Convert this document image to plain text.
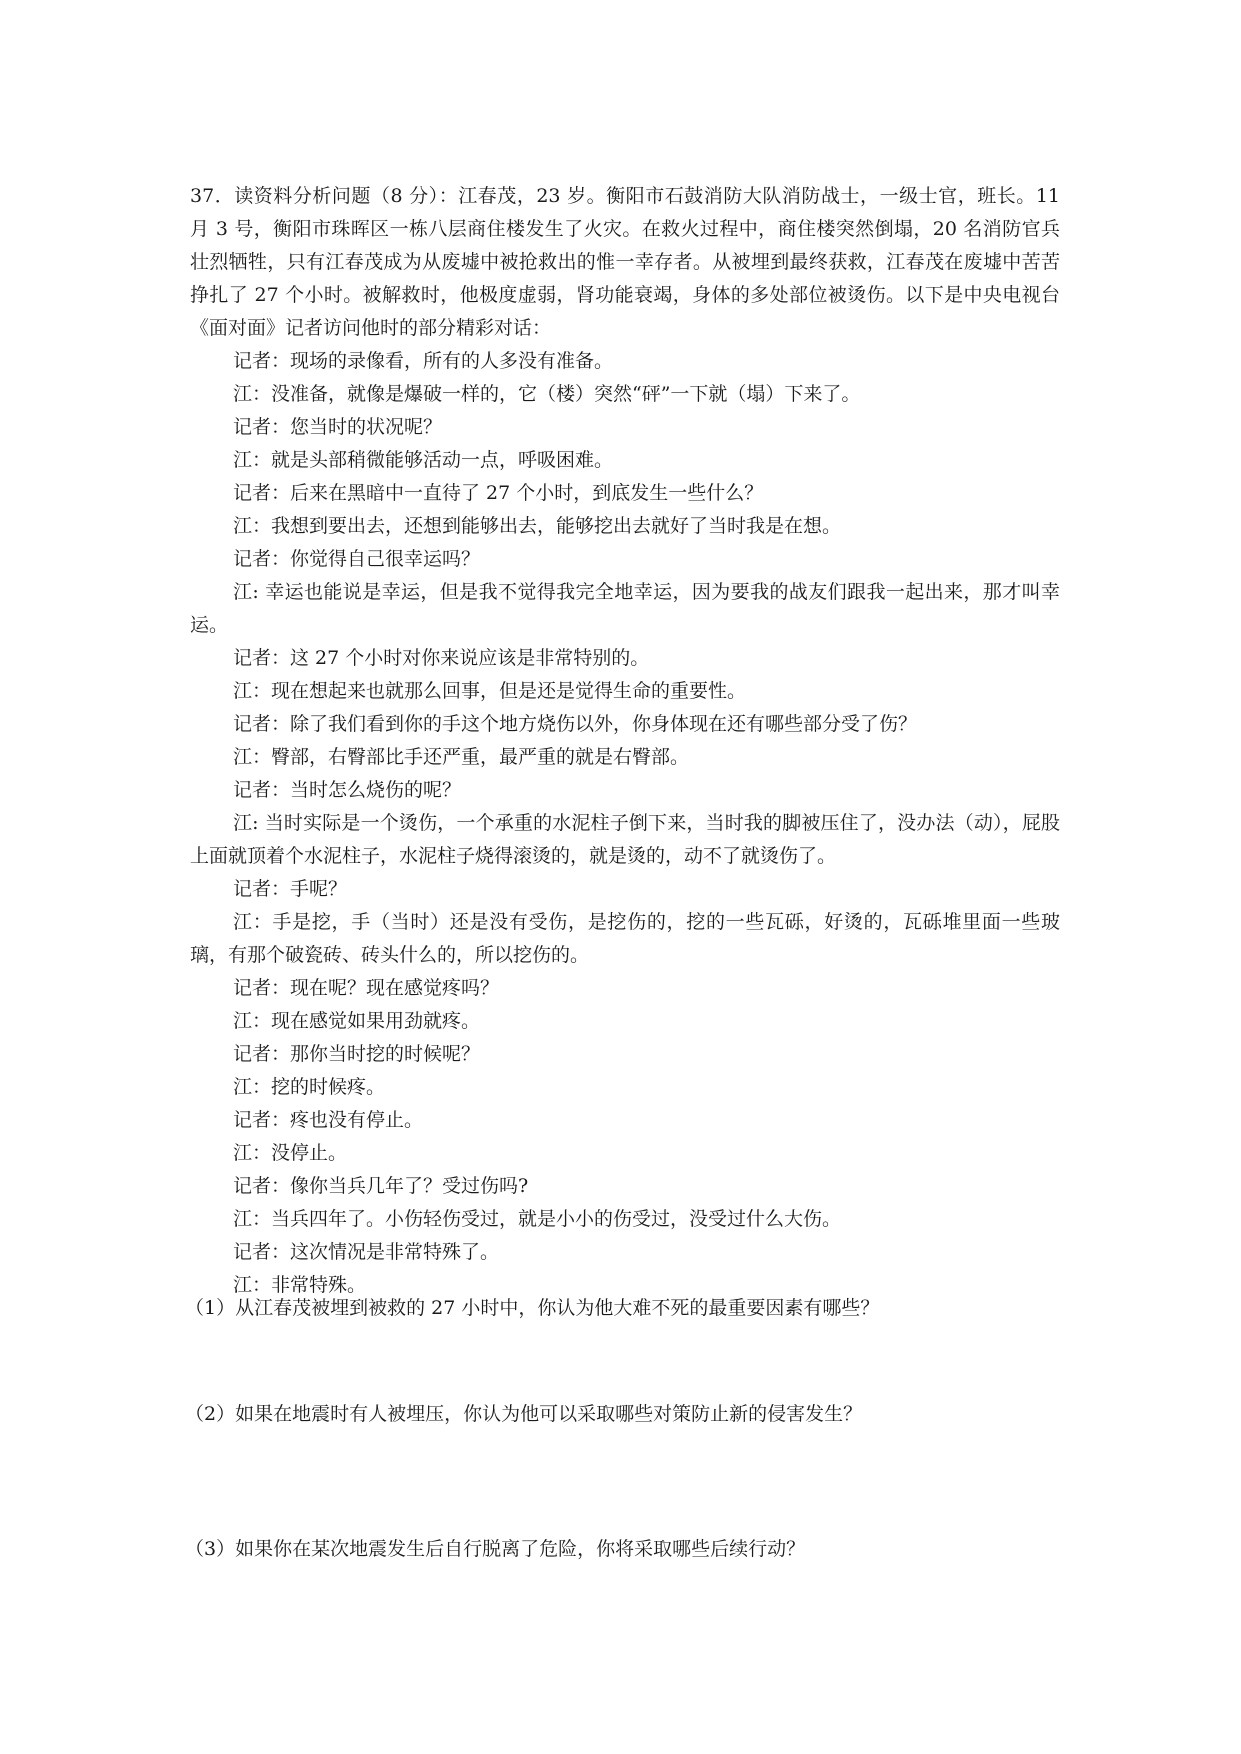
37．读资料分析问题（8 分）：江春茂，23 岁。衡阳市石鼓消防大队消防战士，一级士官，班长。11 月 3 号，衡阳市珠晖区一栋八层商住楼发生了火灾。在救火过程中，商住楼突然倒塌，20 名消防官兵壮烈牺牲，只有江春茂成为从废墟中被抢救出的惟一幸存者。从被埋到最终获救，江春茂在废墟中苦苦挣扎了 27 个小时。被解救时，他极度虚弱，肾功能衰竭，身体的多处部位被烫伤。以下是中央电视台《面对面》记者访问他时的部分精彩对话：

记者：现场的录像看，所有的人多没有准备。

江：没准备，就像是爆破一样的，它（楼）突然“砰”一下就（塌）下来了。

记者：您当时的状况呢？

江：就是头部稍微能够活动一点，呼吸困难。

记者：后来在黑暗中一直待了 27 个小时，到底发生一些什么？

江：我想到要出去，还想到能够出去，能够挖出去就好了当时我是在想。

记者：你觉得自己很幸运吗？

江: 幸运也能说是幸运，但是我不觉得我完全地幸运，因为要我的战友们跟我一起出来，那才叫幸运。

记者：这 27 个小时对你来说应该是非常特别的。

江：现在想起来也就那么回事，但是还是觉得生命的重要性。

记者：除了我们看到你的手这个地方烧伤以外，你身体现在还有哪些部分受了伤？

江：臀部，右臀部比手还严重，最严重的就是右臀部。

记者：当时怎么烧伤的呢？

江: 当时实际是一个烫伤，一个承重的水泥柱子倒下来，当时我的脚被压住了，没办法（动），屁股上面就顶着个水泥柱子，水泥柱子烧得滚烫的，就是烫的，动不了就烫伤了。

记者：手呢？

江：手是挖，手（当时）还是没有受伤，是挖伤的，挖的一些瓦砾，好烫的，瓦砾堆里面一些玻璃，有那个破瓷砖、砖头什么的，所以挖伤的。

记者：现在呢？现在感觉疼吗？

江：现在感觉如果用劲就疼。

记者：那你当时挖的时候呢？

江：挖的时候疼。

记者：疼也没有停止。

江：没停止。

记者：像你当兵几年了？受过伤吗?

江：当兵四年了。小伤轻伤受过，就是小小的伤受过，没受过什么大伤。

记者：这次情况是非常特殊了。

江：非常特殊。

（1）从江春茂被埋到被救的 27 小时中，你认为他大难不死的最重要因素有哪些？

（2）如果在地震时有人被埋压，你认为他可以采取哪些对策防止新的侵害发生？

（3）如果你在某次地震发生后自行脱离了危险，你将采取哪些后续行动？
